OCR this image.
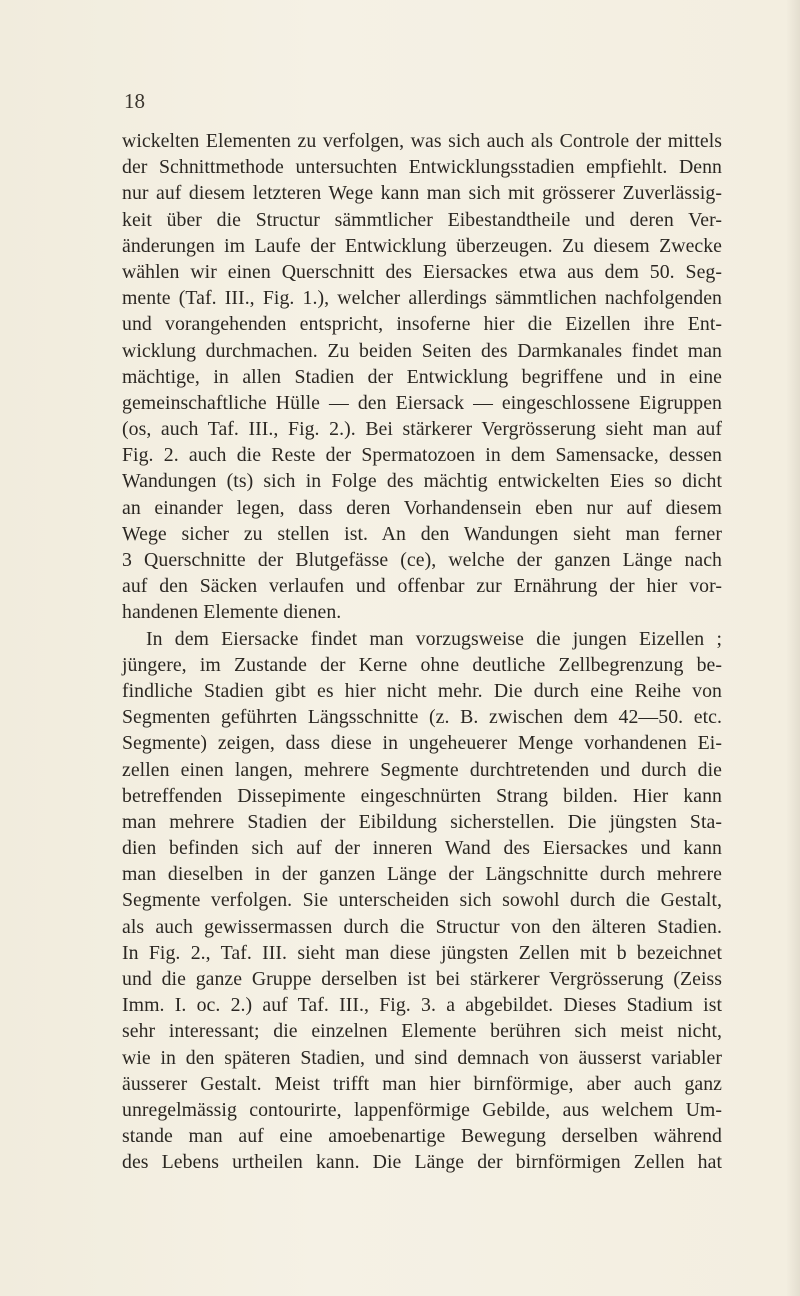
18

wickelten Elementen zu verfolgen, was sich auch als Controle der mittels
der Schnittmethode untersuchten Entwicklungsstadien empfiehlt. Denn
nur auf diesem letzteren Wege kann man sich mit grösserer Zuverlässig-
keit über die Structur sämmtlicher Eibestandtheile und deren Ver-
änderungen im Laufe der Entwicklung überzeugen. Zu diesem Zwecke
wählen wir einen Querschnitt des Eiersackes etwa aus dem 50. Seg-
mente (Taf. III., Fig. 1.), welcher allerdings sämmtlichen nachfolgenden
und vorangehenden entspricht, insoferne hier die Eizellen ihre Ent-
wicklung durchmachen. Zu beiden Seiten des Darmkanales findet man
mächtige, in allen Stadien der Entwicklung begriffene und in eine
gemeinschaftliche Hülle — den Eiersack — eingeschlossene Eigruppen
(os, auch Taf. III., Fig. 2.). Bei stärkerer Vergrösserung sieht man auf
Fig. 2. auch die Reste der Spermatozoen in dem Samensacke, dessen
Wandungen (ts) sich in Folge des mächtig entwickelten Eies so dicht
an einander legen, dass deren Vorhandensein eben nur auf diesem
Wege sicher zu stellen ist. An den Wandungen sieht man ferner
3 Querschnitte der Blutgefässe (ce), welche der ganzen Länge nach
auf den Säcken verlaufen und offenbar zur Ernährung der hier vor-
handenen Elemente dienen.
In dem Eiersacke findet man vorzugsweise die jungen Eizellen ;
jüngere, im Zustande der Kerne ohne deutliche Zellbegrenzung be-
findliche Stadien gibt es hier nicht mehr. Die durch eine Reihe von
Segmenten geführten Längsschnitte (z. B. zwischen dem 42—50. etc.
Segmente) zeigen, dass diese in ungeheuerer Menge vorhandenen Ei-
zellen einen langen, mehrere Segmente durchtretenden und durch die
betreffenden Dissepimente eingeschnürten Strang bilden. Hier kann
man mehrere Stadien der Eibildung sicherstellen. Die jüngsten Sta-
dien befinden sich auf der inneren Wand des Eiersackes und kann
man dieselben in der ganzen Länge der Längschnitte durch mehrere
Segmente verfolgen. Sie unterscheiden sich sowohl durch die Gestalt,
als auch gewissermassen durch die Structur von den älteren Stadien.
In Fig. 2., Taf. III. sieht man diese jüngsten Zellen mit b bezeichnet
und die ganze Gruppe derselben ist bei stärkerer Vergrösserung (Zeiss
Imm. I. oc. 2.) auf Taf. III., Fig. 3. a abgebildet. Dieses Stadium ist
sehr interessant; die einzelnen Elemente berühren sich meist nicht,
wie in den späteren Stadien, und sind demnach von äusserst variabler
äusserer Gestalt. Meist trifft man hier birnförmige, aber auch ganz
unregelmässig contourirte, lappenförmige Gebilde, aus welchem Um-
stande man auf eine amoebenartige Bewegung derselben während
des Lebens urtheilen kann. Die Länge der birnförmigen Zellen hat
